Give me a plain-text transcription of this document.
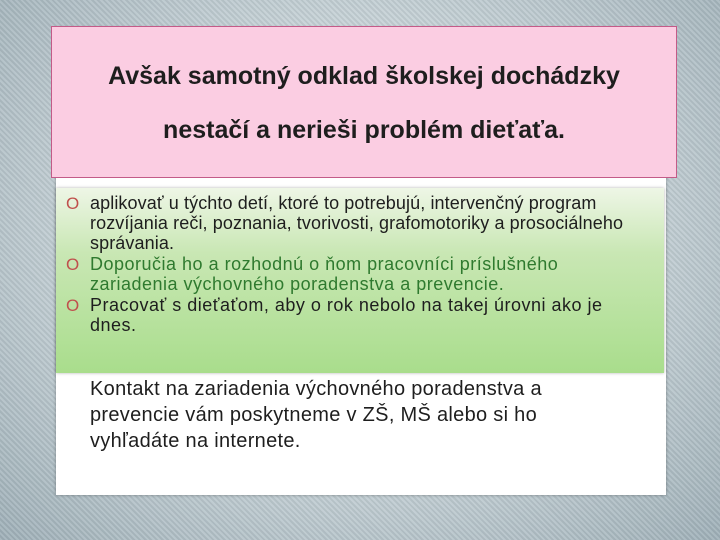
Avšak samotný odklad školskej dochádzky
nestačí a nerieši problém dieťaťa.
O aplikovať u týchto detí, ktoré to potrebujú, intervenčný program rozvíjania reči, poznania, tvorivosti, grafomotoriky a prosociálneho správania.
O Doporučia ho a rozhodnú o ňom pracovníci príslušného zariadenia výchovného poradenstva a prevencie.
O Pracovať s dieťaťom, aby o rok nebolo na takej úrovni ako je dnes.

Kontakt na zariadenia výchovného poradenstva a prevencie vám poskytneme v ZŠ, MŠ alebo si ho vyhľadáte na internete.
